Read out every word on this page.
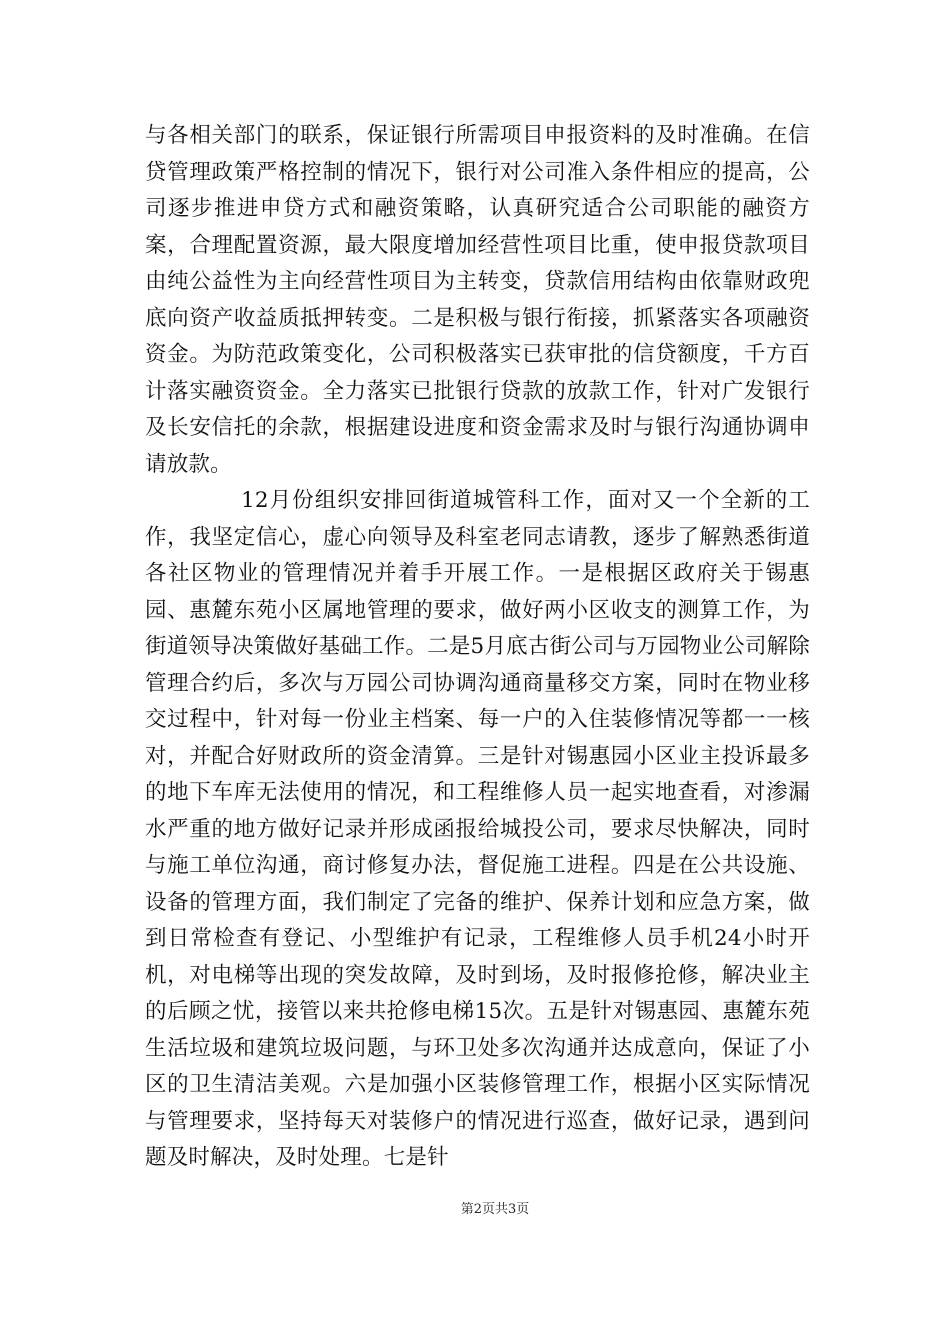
与各相关部门的联系，保证银行所需项目申报资料的及时准确。在信贷管理政策严格控制的情况下，银行对公司准入条件相应的提高，公司逐步推进申贷方式和融资策略，认真研究适合公司职能的融资方案，合理配置资源，最大限度增加经营性项目比重，使申报贷款项目由纯公益性为主向经营性项目为主转变，贷款信用结构由依靠财政兜底向资产收益质抵押转变。二是积极与银行衔接，抓紧落实各项融资资金。为防范政策变化，公司积极落实已获审批的信贷额度，千方百计落实融资资金。全力落实已批银行贷款的放款工作，针对广发银行及长安信托的余款，根据建设进度和资金需求及时与银行沟通协调申请放款。

12月份组织安排回街道城管科工作，面对又一个全新的工作，我坚定信心，虚心向领导及科室老同志请教，逐步了解熟悉街道各社区物业的管理情况并着手开展工作。一是根据区政府关于锡惠园、惠麓东苑小区属地管理的要求，做好两小区收支的测算工作，为街道领导决策做好基础工作。二是5月底古街公司与万园物业公司解除管理合约后，多次与万园公司协调沟通商量移交方案，同时在物业移交过程中，针对每一份业主档案、每一户的入住装修情况等都一一核对，并配合好财政所的资金清算。三是针对锡惠园小区业主投诉最多的地下车库无法使用的情况，和工程维修人员一起实地查看，对渗漏水严重的地方做好记录并形成函报给城投公司，要求尽快解决，同时与施工单位沟通，商讨修复办法，督促施工进程。四是在公共设施、设备的管理方面，我们制定了完备的维护、保养计划和应急方案，做到日常检查有登记、小型维护有记录，工程维修人员手机24小时开机，对电梯等出现的突发故障，及时到场，及时报修抢修，解决业主的后顾之忧，接管以来共抢修电梯15次。五是针对锡惠园、惠麓东苑生活垃圾和建筑垃圾问题，与环卫处多次沟通并达成意向，保证了小区的卫生清洁美观。六是加强小区装修管理工作，根据小区实际情况与管理要求，坚持每天对装修户的情况进行巡查，做好记录，遇到问题及时解决，及时处理。七是针

第2页共3页
